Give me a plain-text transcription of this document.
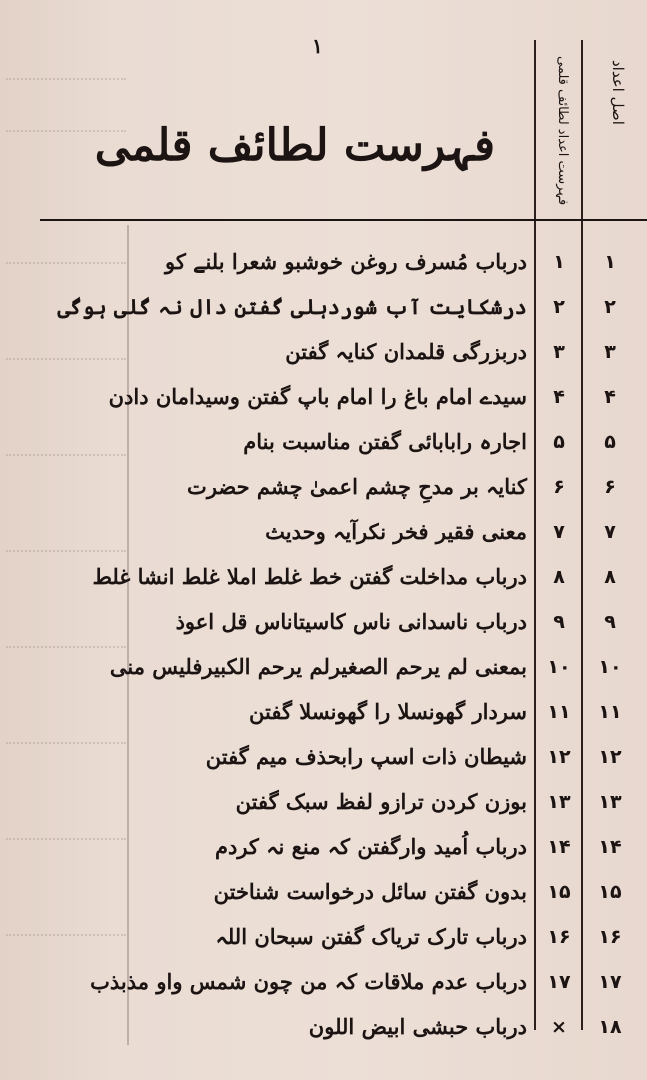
۱
فہرست لطائف قلمی
اصل اعداد
فہرست اعداد لطائف قلمی
۱
۱
درباب مُسرف روغن خوشبو شعرا بلنے کو
۲
۲
درشکایت آب شوردہلی گفتن دال نہ گلی ہوگی
۳
۳
دربزرگی قلمدان کنایہ گفتن
۴
۴
سیدے امام باغ را امام باپ گفتن وسیدامان دادن
۵
۵
اجارہ رابابائی گفتن مناسبت بنام
۶
۶
کنایہ بر مدحِ چشم اعمیٰ چشم حضرت
۷
۷
معنی فقیر فخر نکرآیہ وحدیث
۸
۸
درباب مداخلت گفتن خط غلط املا غلط انشا غلط
۹
۹
درباب ناسدانی ناس کاسیتاناس قل اعوذ
۱۰
۱۰
بمعنی لم یرحم الصغیرلم یرحم الکبیرفلیس منی
۱۱
۱۱
سردار گھونسلا را گھونسلا گفتن
۱۲
۱۲
شیطان ذات اسپ رابحذف میم گفتن
۱۳
۱۳
بوزن کردن ترازو لفظ سبک گفتن
۱۴
۱۴
درباب اُمید وارگفتن کہ منع نہ کردم
۱۵
۱۵
بدون گفتن سائل درخواست شناختن
۱۶
۱۶
درباب تارک تریاک گفتن سبحان اللہ
۱۷
۱۷
درباب عدم ملاقات کہ من چون شمس واو مذبذب
۱۸
×
درباب حبشی ابیض اللون
